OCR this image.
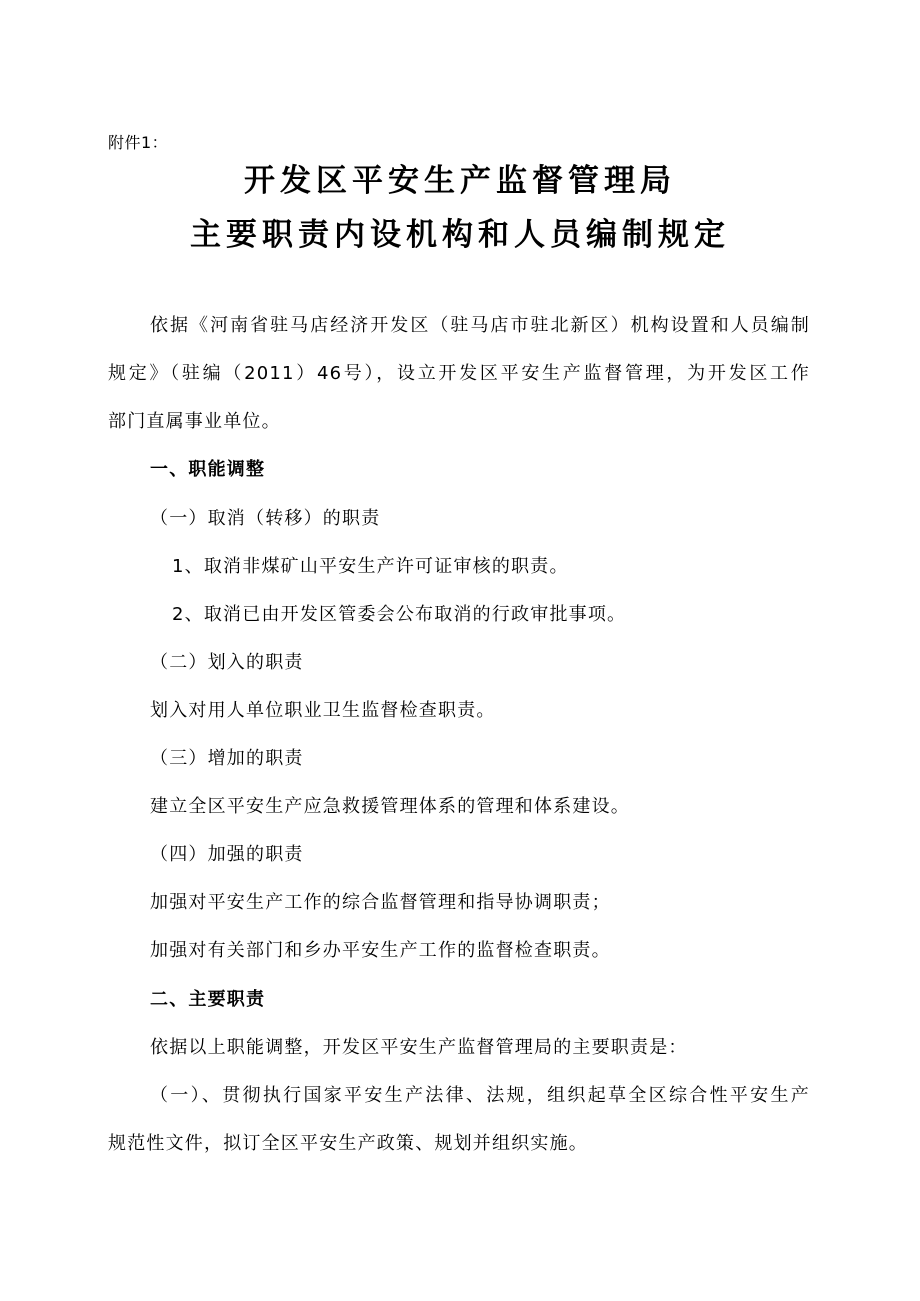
附件1：

开发区平安生产监督管理局
主要职责内设机构和人员编制规定

依据《河南省驻马店经济开发区（驻马店市驻北新区）机构设置和人员编制

规定》（驻编（2011）46号），设立开发区平安生产监督管理，为开发区工作

部门直属事业单位。

一、职能调整

（一）取消（转移）的职责

1、取消非煤矿山平安生产许可证审核的职责。

2、取消已由开发区管委会公布取消的行政审批事项。

（二）划入的职责

划入对用人单位职业卫生监督检查职责。

（三）增加的职责

建立全区平安生产应急救援管理体系的管理和体系建设。

（四）加强的职责

加强对平安生产工作的综合监督管理和指导协调职责；

加强对有关部门和乡办平安生产工作的监督检查职责。

二、主要职责

依据以上职能调整，开发区平安生产监督管理局的主要职责是：

（一）、贯彻执行国家平安生产法律、法规，组织起草全区综合性平安生产

规范性文件，拟订全区平安生产政策、规划并组织实施。
